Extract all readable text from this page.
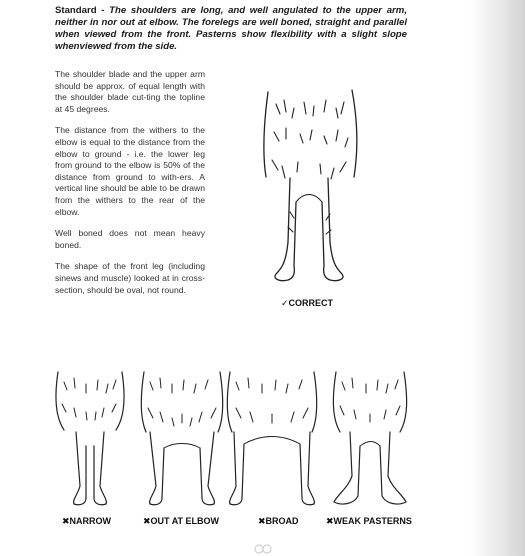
Standard - The shoulders are long, and well angulated to the upper arm, neither in nor out at elbow. The forelegs are well boned, straight and parallel when viewed from the front. Pasterns show flexibility with a slight slope whenviewed from the side.

The shoulder blade and the upper arm should be approx. of equal length with the shoulder blade cut-ting the topline at 45 degrees.

The distance from the withers to the elbow is equal to the distance from the elbow to ground - i.e. the lower leg from ground to the elbow is 50% of the distance from ground to with-ers. A vertical line should be able to be drawn from the withers to the rear of the elbow.

Well boned does not mean heavy boned.

The shape of the front leg (including sinews and muscle) looked at in cross-section, should be oval, not round.

✓CORRECT
✖NARROW	✖OUT AT ELBOW	✖BROAD	✖WEAK PASTERNS
